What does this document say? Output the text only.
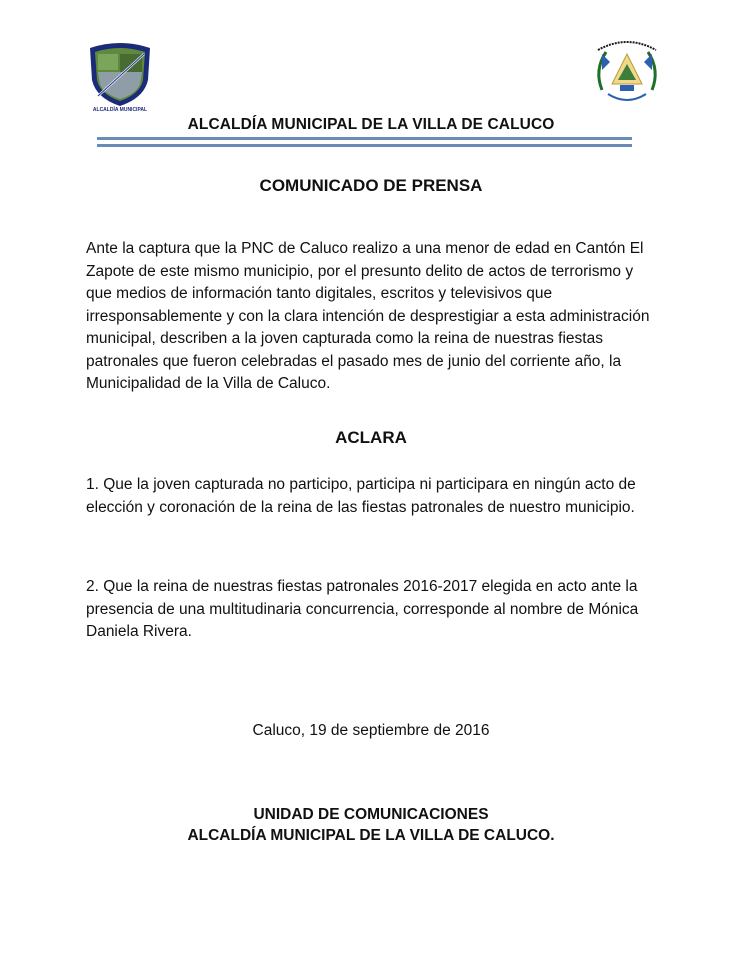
ALCALDÍA MUNICIPAL
ALCALDÍA MUNICIPAL DE LA VILLA DE CALUCO
COMUNICADO DE PRENSA

Ante la captura que la PNC de Caluco realizo a una menor de edad en Cantón El Zapote de este mismo municipio, por el presunto delito de actos de terrorismo y que medios de información tanto digitales, escritos y televisivos que irresponsablemente y con la clara intención de desprestigiar a esta administración municipal, describen a la joven capturada como la reina de nuestras fiestas patronales que fueron celebradas el pasado mes de junio del corriente año, la Municipalidad de la Villa de Caluco.

ACLARA

1. Que la joven capturada no participo, participa ni participara en ningún acto de elección y coronación de la reina de las fiestas patronales de nuestro municipio.

2. Que la reina de nuestras fiestas patronales 2016-2017 elegida en acto ante la presencia de una multitudinaria concurrencia, corresponde al nombre de Mónica Daniela Rivera.

Caluco, 19 de septiembre de 2016
UNIDAD DE COMUNICACIONES
ALCALDÍA MUNICIPAL DE LA VILLA DE CALUCO.
